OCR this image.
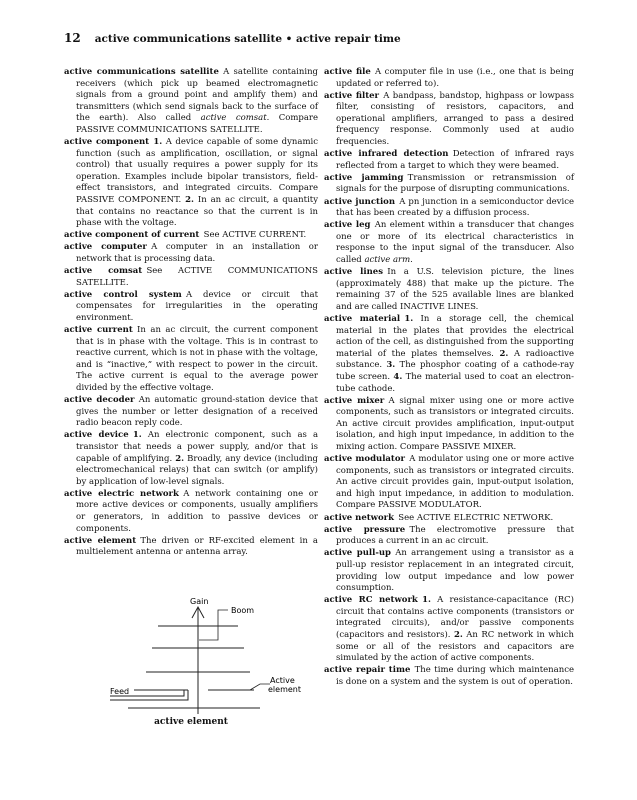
12 active communications satellite • active repair time
active communications satellite  A satellite containing receivers (which pick up beamed electromagnetic signals from a ground point and amplify them) and transmitters (which send signals back to the surface of the earth). Also called active comsat. Compare PASSIVE COMMUNICATIONS SATELLITE.
active component  1. A device capable of some dynamic function (such as amplification, oscillation, or signal control) that usually requires a power supply for its operation. Examples include bipolar transistors, field-effect transistors, and integrated circuits. Compare PASSIVE COMPONENT. 2. In an ac circuit, a quantity that contains no reactance so that the current is in phase with the voltage.
active component of current  See ACTIVE CURRENT.
active computer  A computer in an installation or network that is processing data.
active comsat  See ACTIVE COMMUNICATIONS SATELLITE.
active control system  A device or circuit that compensates for irregularities in the operating environment.
active current  In an ac circuit, the current component that is in phase with the voltage. This is in contrast to reactive current, which is not in phase with the voltage, and is “inactive,” with respect to power in the circuit. The active current is equal to the average power divided by the effective voltage.
active decoder  An automatic ground-station device that gives the number or letter designation of a received radio beacon reply code.
active device  1. An electronic component, such as a transistor that needs a power supply, and/or that is capable of amplifying. 2. Broadly, any device (including electromechanical relays) that can switch (or amplify) by application of low-level signals.
active electric network  A network containing one or more active devices or components, usually amplifiers or generators, in addition to passive devices or components.
active element  The driven or RF-excited element in a multielement antenna or antenna array.
active file  A computer file in use (i.e., one that is being updated or referred to).
active filter  A bandpass, bandstop, highpass or lowpass filter, consisting of resistors, capacitors, and operational amplifiers, arranged to pass a desired frequency response. Commonly used at audio frequencies.
active infrared detection  Detection of infrared rays reflected from a target to which they were beamed.
active jamming  Transmission or retransmission of signals for the purpose of disrupting communications.
active junction  A pn junction in a semiconductor device that has been created by a diffusion process.
active leg  An element within a transducer that changes one or more of its electrical characteristics in response to the input signal of the transducer. Also called active arm.
active lines  In a U.S. television picture, the lines (approximately 488) that make up the picture. The remaining 37 of the 525 available lines are blanked and are called INACTIVE LINES.
active material  1. In a storage cell, the chemical material in the plates that provides the electrical action of the cell, as distinguished from the supporting material of the plates themselves. 2. A radioactive substance. 3. The phosphor coating of a cathode-ray tube screen. 4. The material used to coat an electron-tube cathode.
active mixer  A signal mixer using one or more active components, such as transistors or integrated circuits. An active circuit provides amplification, input-output isolation, and high input impedance, in addition to the mixing action. Compare PASSIVE MIXER.
active modulator  A modulator using one or more active components, such as transistors or integrated circuits. An active circuit provides gain, input-output isolation, and high input impedance, in addition to modulation. Compare PASSIVE MODULATOR.
active network  See ACTIVE ELECTRIC NETWORK.
active pressure  The electromotive pressure that produces a current in an ac circuit.
active pull-up  An arrangement using a transistor as a pull-up resistor replacement in an integrated circuit, providing low output impedance and low power consumption.
active RC network  1. A resistance-capacitance (RC) circuit that contains active components (transistors or integrated circuits), and/or passive components (capacitors and resistors). 2. An RC network in which some or all of the resistors and capacitors are simulated by the action of active components.
active repair time  The time during which maintenance is done on a system and the system is out of operation.
Gain
Boom
Active
element
Feed
active element
